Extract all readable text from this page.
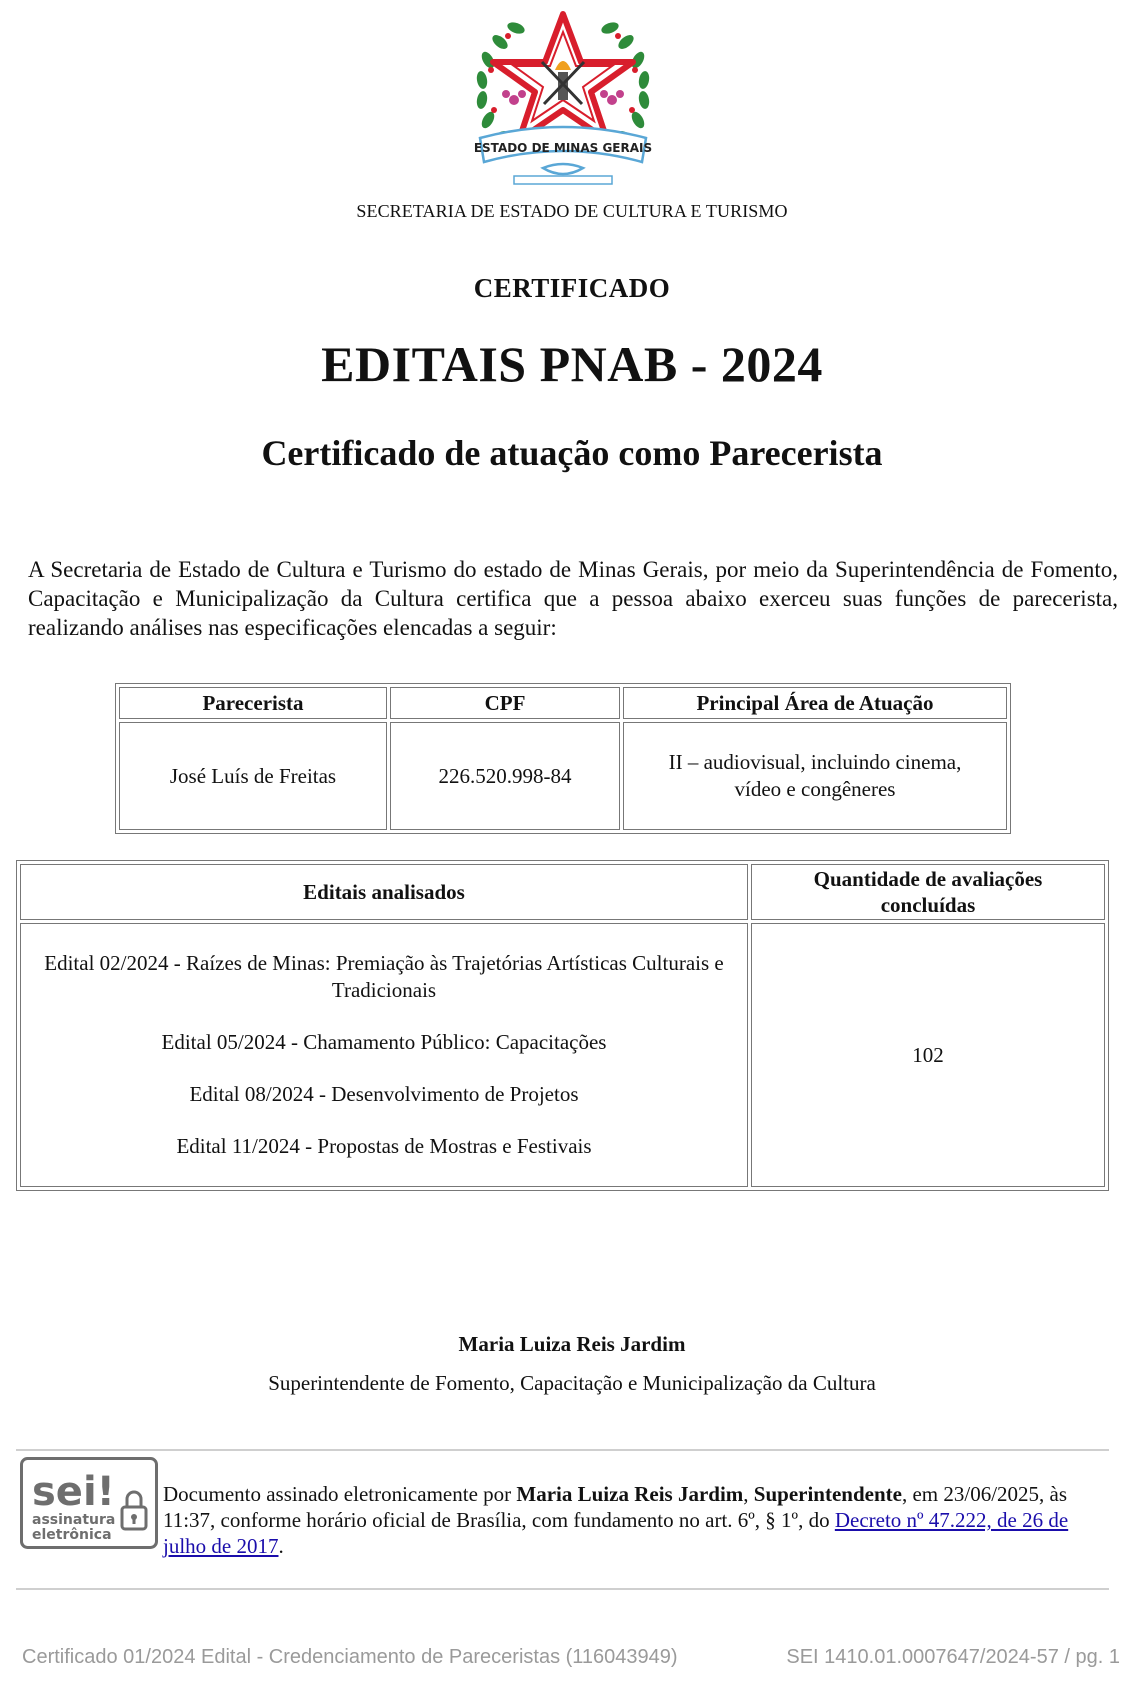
ESTADO DE MINAS GERAIS
SECRETARIA DE ESTADO DE CULTURA E TURISMO
CERTIFICADO
EDITAIS PNAB - 2024
Certificado de atuação como Parecerista
A Secretaria de Estado de Cultura e Turismo do estado de Minas Gerais, por meio da Superintendência de Fomento, Capacitação e Municipalização da Cultura certifica que a pessoa abaixo exerceu suas funções de parecerista, realizando análises nas especificações elencadas a seguir:
Parecerista	CPF	Principal Área de Atuação
José Luís de Freitas	226.520.998-84	II – audiovisual, incluindo cinema,
vídeo e congêneres
Editais analisados	Quantidade de avaliações
concluídas

Edital 02/2024 - Raízes de Minas: Premiação às Trajetórias Artísticas Culturais e
Tradicionais
Edital 05/2024 - Chamamento Público: Capacitações
Edital 08/2024 - Desenvolvimento de Projetos
Edital 11/2024 - Propostas de Mostras e Festivais	102
Maria Luiza Reis Jardim
Superintendente de Fomento, Capacitação e Municipalização da Cultura
sei!
assinatura
eletrônica
Documento assinado eletronicamente por Maria Luiza Reis Jardim, Superintendente, em 23/06/2025, às 11:37, conforme horário oficial de Brasília, com fundamento no art. 6º, § 1º, do Decreto nº 47.222, de 26 de julho de 2017.
Certificado 01/2024 Edital - Credenciamento de Pareceristas (116043949)	SEI 1410.01.0007647/2024-57 / pg. 1
